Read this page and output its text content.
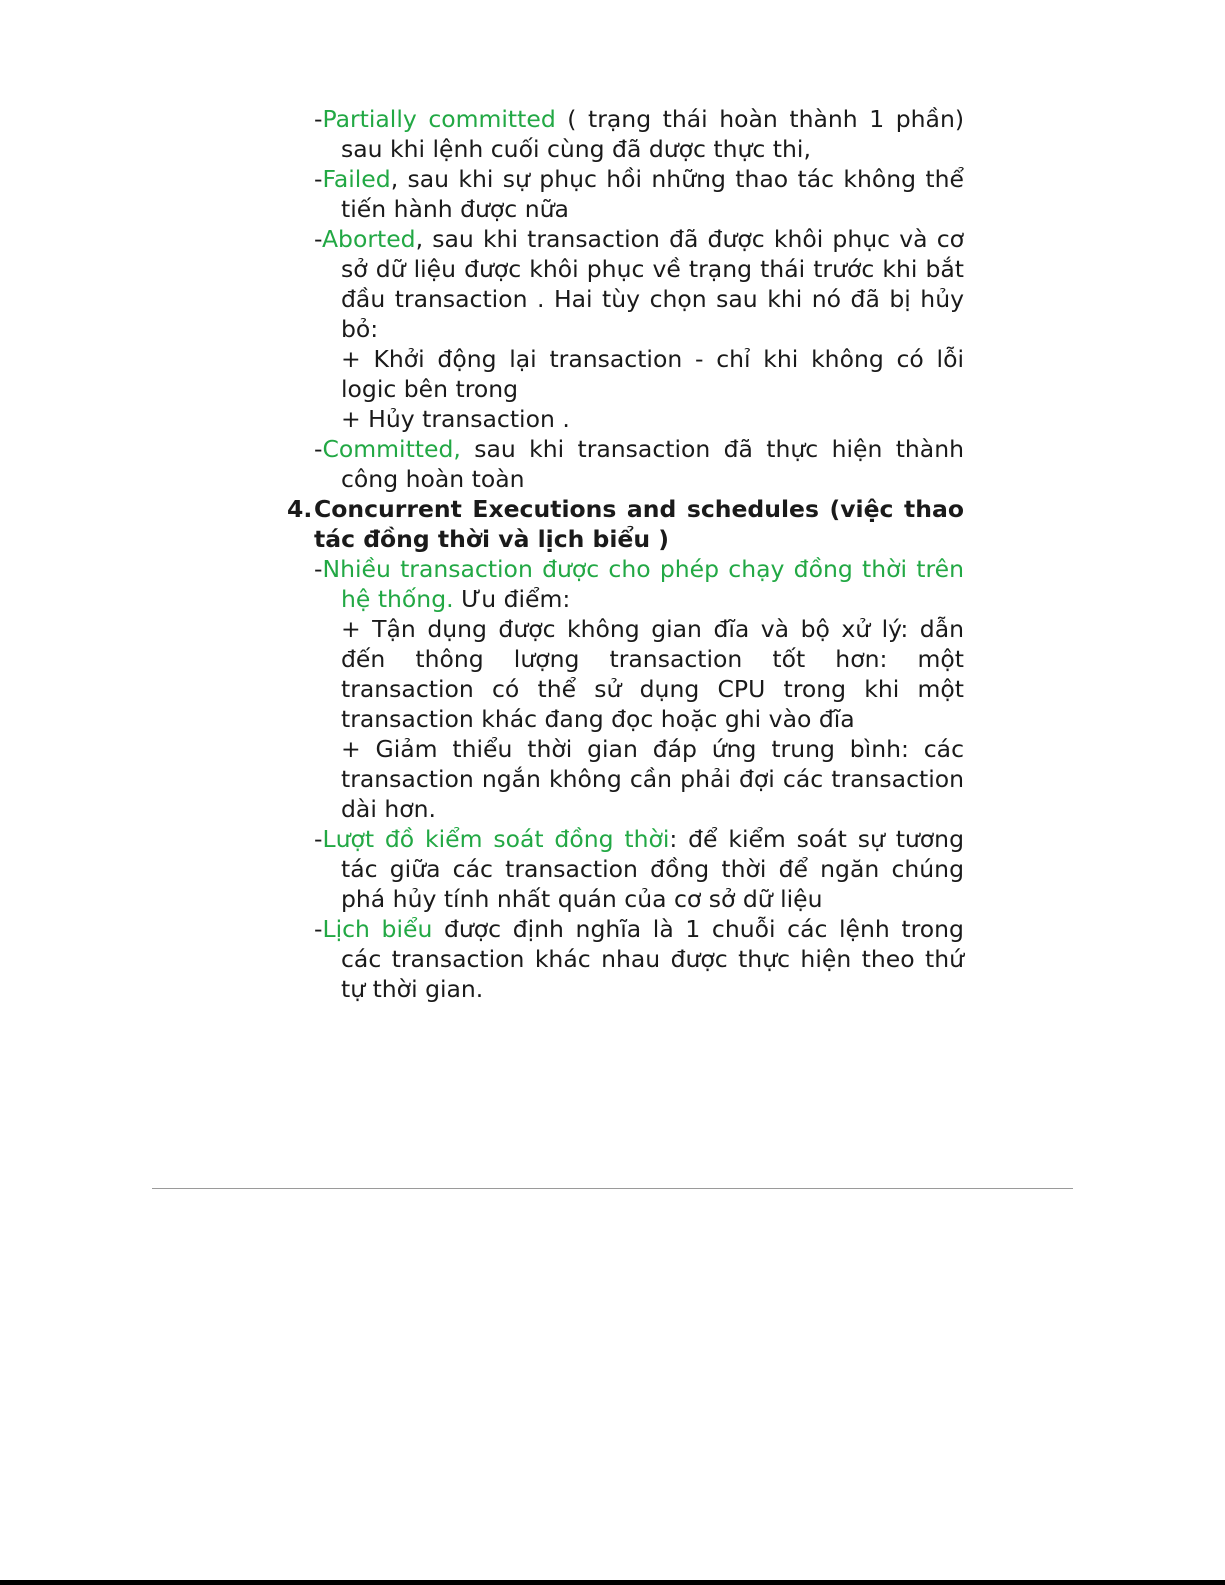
-Partially committed ( trạng thái hoàn thành 1 phần) sau khi lệnh cuối cùng đã dược thực thi,

-Failed, sau khi sự phục hồi những thao tác không thể tiến hành được nữa

-Aborted, sau khi transaction đã được khôi phục và cơ sở dữ liệu được khôi phục về trạng thái trước khi bắt đầu transaction . Hai tùy chọn sau khi nó đã bị hủy bỏ:

+ Khởi động lại transaction - chỉ khi không có lỗi logic bên trong

+ Hủy transaction .

-Committed, sau khi transaction đã thực hiện thành công hoàn toàn

4.Concurrent Executions and schedules (việc thao tác đồng thời và lịch biểu )

-Nhiều transaction được cho phép chạy đồng thời trên hệ thống. Ưu điểm:

+ Tận dụng được không gian đĩa và bộ xử lý: dẫn đến thông lượng transaction tốt hơn: một transaction có thể sử dụng CPU trong khi một transaction khác đang đọc hoặc ghi vào đĩa

+ Giảm thiểu thời gian đáp ứng trung bình: các transaction ngắn không cần phải đợi các transaction dài hơn.

-Lượt đồ kiểm soát đồng thời: để kiểm soát sự tương tác giữa các transaction đồng thời để ngăn chúng phá hủy tính nhất quán của cơ sở dữ liệu

-Lịch biểu được định nghĩa là 1 chuỗi các lệnh trong các transaction khác nhau được thực hiện theo thứ tự thời gian.
